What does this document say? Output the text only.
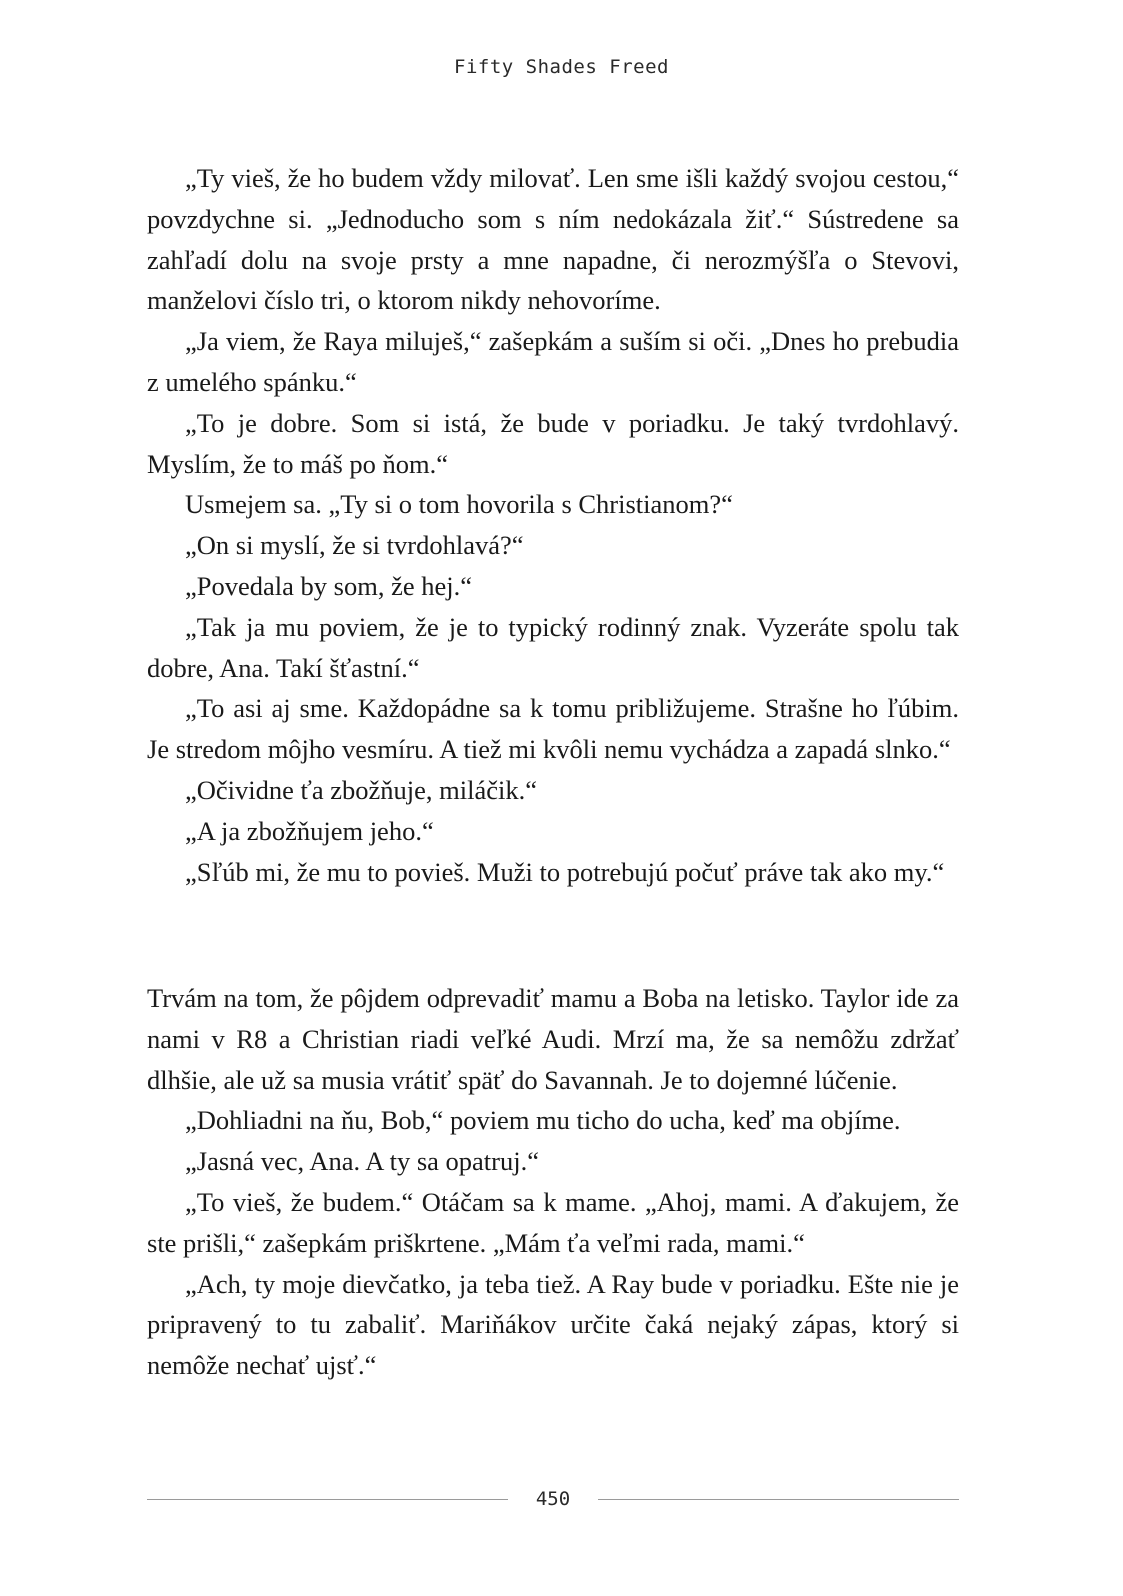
Fifty Shades Freed

„Ty vieš, že ho budem vždy milovať. Len sme išli každý svojou cestou,“ povzdychne si. „Jednoducho som s ním nedokázala žiť.“ Sústredene sa zahľadí dolu na svoje prsty a mne napadne, či nerozmýšľa o Stevovi, manželovi číslo tri, o ktorom nikdy nehovoríme.

„Ja viem, že Raya miluješ,“ zašepkám a suším si oči. „Dnes ho prebudia z umelého spánku.“

„To je dobre. Som si istá, že bude v poriadku. Je taký tvrdohlavý. Myslím, že to máš po ňom.“

Usmejem sa. „Ty si o tom hovorila s Christianom?“

„On si myslí, že si tvrdohlavá?“

„Povedala by som, že hej.“

„Tak ja mu poviem, že je to typický rodinný znak. Vyzeráte spolu tak dobre, Ana. Takí šťastní.“

„To asi aj sme. Každopádne sa k tomu približujeme. Strašne ho ľúbim. Je stredom môjho vesmíru. A tiež mi kvôli nemu vychádza a zapadá slnko.“

„Očividne ťa zbožňuje, miláčik.“

„A ja zbožňujem jeho.“

„Sľúb mi, že mu to povieš. Muži to potrebujú počuť práve tak ako my.“

Trvám na tom, že pôjdem odprevadiť mamu a Boba na letisko. Taylor ide za nami v R8 a Christian riadi veľké Audi. Mrzí ma, že sa nemôžu zdržať dlhšie, ale už sa musia vrátiť späť do Savannah. Je to dojemné lúčenie.

„Dohliadni na ňu, Bob,“ poviem mu ticho do ucha, keď ma objíme.

„Jasná vec, Ana. A ty sa opatruj.“

„To vieš, že budem.“ Otáčam sa k mame. „Ahoj, mami. A ďakujem, že ste prišli,“ zašepkám priškrtene. „Mám ťa veľmi rada, mami.“

„Ach, ty moje dievčatko, ja teba tiež. A Ray bude v poriadku. Ešte nie je pripravený to tu zabaliť. Mariňákov určite čaká nejaký zápas, ktorý si nemôže nechať ujsť.“

450
